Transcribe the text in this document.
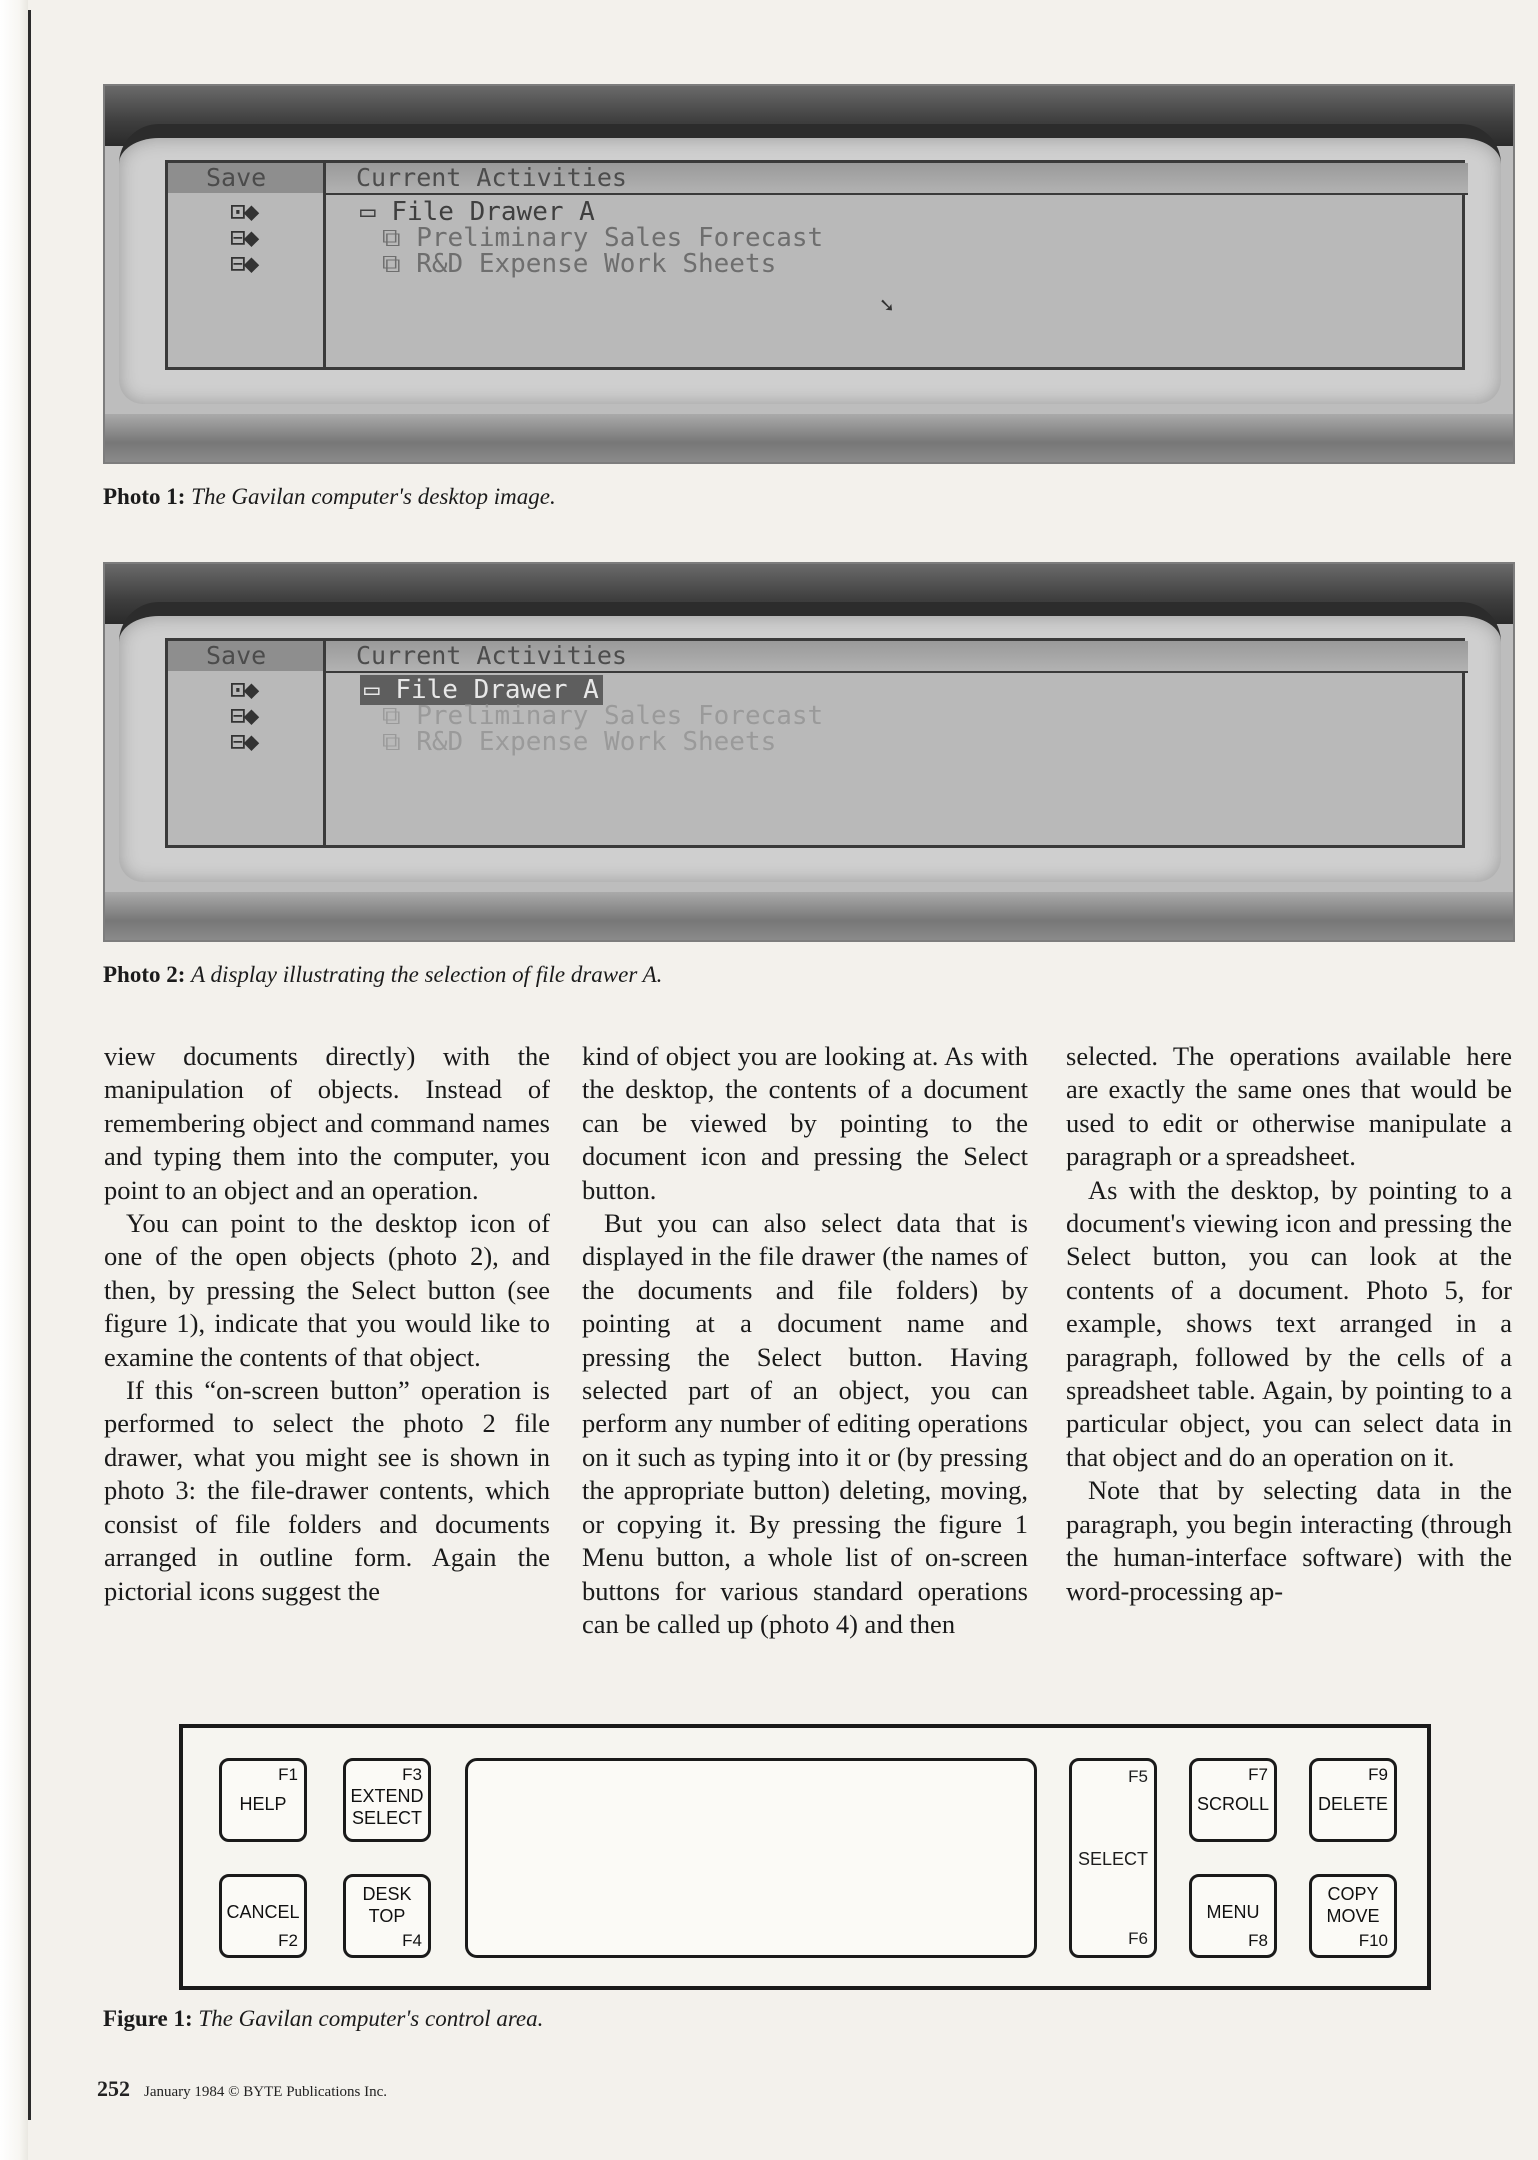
Save	Current Activities
⊡◆
⊟◆
⊟◆
▭ File Drawer A
⧉ Preliminary Sales Forecast
⧉ R&D Expense Work Sheets
➘
Photo 1: The Gavilan computer's desktop image.
Save	Current Activities
⊡◆
⊟◆
⊟◆
▭ File Drawer A
⧉ Preliminary Sales Forecast
⧉ R&D Expense Work Sheets
Photo 2: A display illustrating the selection of file drawer A.

view documents directly) with the manipulation of objects. Instead of remembering object and command names and typing them into the computer, you point to an object and an operation.

You can point to the desktop icon of one of the open objects (photo 2), and then, by pressing the Select button (see figure 1), indicate that you would like to examine the contents of that object.

If this “on-screen button” operation is performed to select the photo 2 file drawer, what you might see is shown in photo 3: the file-drawer contents, which consist of file folders and documents arranged in outline form. Again the pictorial icons suggest the

kind of object you are looking at. As with the desktop, the contents of a document can be viewed by pointing to the document icon and pressing the Select button.

But you can also select data that is displayed in the file drawer (the names of the documents and file folders) by pointing at a document name and pressing the Select button. Having selected part of an object, you can perform any number of editing operations on it such as typing into it or (by pressing the appropriate button) deleting, moving, or copying it. By pressing the figure 1 Menu button, a whole list of on-screen buttons for various standard operations can be called up (photo 4) and then

selected. The operations available here are exactly the same ones that would be used to edit or otherwise manipulate a paragraph or a spreadsheet.

As with the desktop, by pointing to a document's viewing icon and pressing the Select button, you can look at the contents of a document. Photo 5, for example, shows text arranged in a paragraph, followed by the cells of a spreadsheet table. Again, by pointing to a particular object, you can select data in that object and do an operation on it.

Note that by selecting data in the paragraph, you begin interacting (through the human-interface software) with the word-processing ap-

F1
HELP
CANCEL
F2
F3
EXTEND
SELECT
DESK
TOP
F4
F5
SELECT
F6
F7
SCROLL
MENU
F8
F9
DELETE
COPY
MOVE
F10
Figure 1: The Gavilan computer's control area.
252 January 1984 © BYTE Publications Inc.
